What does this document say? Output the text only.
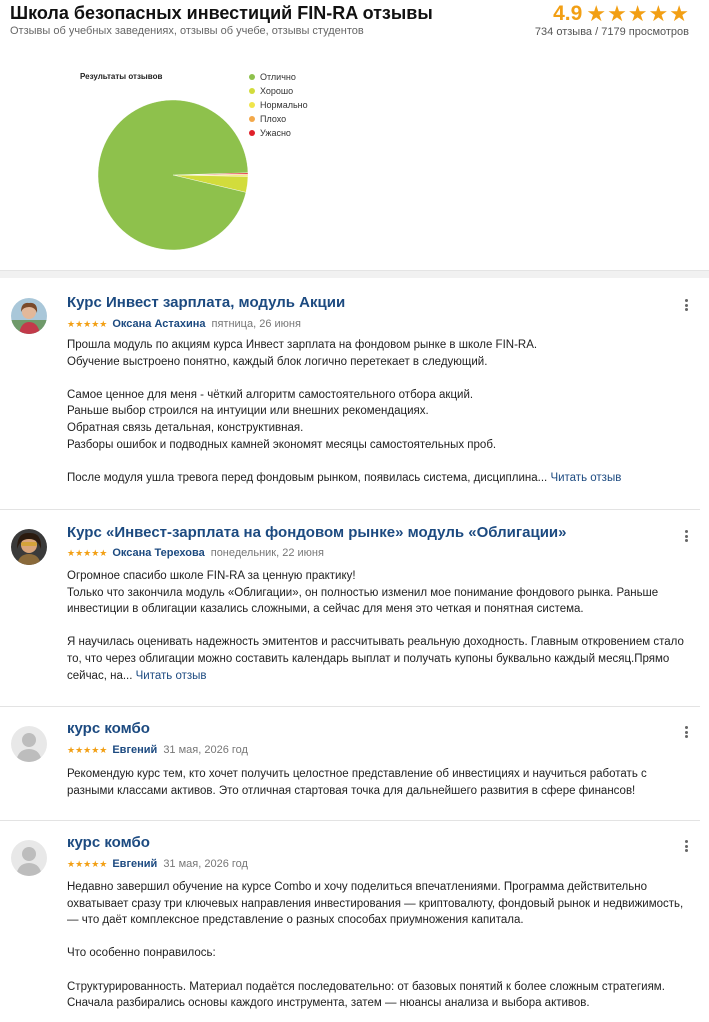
Школа безопасных инвестиций FIN-RA отзывы
Отзывы об учебных заведениях, отзывы об учебе, отзывы студентов
4.9 ★ ★ ★ ★ ★
734 отзыва / 7179 просмотров
Результаты отзывов	Отлично
Хорошо
Нормально
Плохо
Ужасно
Курс Инвест зарплата, модуль Акции
★★★★★ Оксана Астахина пятница, 26 июня

Прошла модуль по акциям курса Инвест зарплата на фондовом рынке в школе FIN-RA.

Обучение выстроено понятно, каждый блок логично перетекает в следующий.

Самое ценное для меня - чёткий алгоритм самостоятельного отбора акций.

Раньше выбор строился на интуиции или внешних рекомендациях.

Обратная связь детальная, конструктивная.

Разборы ошибок и подводных камней экономят месяцы самостоятельных проб.

После модуля ушла тревога перед фондовым рынком, появилась система, дисциплина... Читать отзыв

Курс «Инвест-зарплата на фондовом рынке» модуль «Облигации»
★★★★★ Оксана Терехова понедельник, 22 июня

Огромное спасибо школе FIN-RA за ценную практику!

Только что закончила модуль «Облигации», он полностью изменил мое понимание фондового рынка. Раньше инвестиции в облигации казались сложными, а сейчас для меня это четкая и понятная система.

Я научилась оценивать надежность эмитентов и рассчитывать реальную доходность. Главным откровением стало то, что через облигации можно составить календарь выплат и получать купоны буквально каждый месяц.Прямо сейчас, на... Читать отзыв

курс комбо
★★★★★ Евгений 31 мая, 2026 год

Рекомендую курс тем, кто хочет получить целостное представление об инвестициях и научиться работать с разными классами активов. Это отличная стартовая точка для дальнейшего развития в сфере финансов!

курс комбо
★★★★★ Евгений 31 мая, 2026 год

Недавно завершил обучение на курсе Combo и хочу поделиться впечатлениями. Программа действительно охватывает сразу три ключевых направления инвестирования — криптовалюту, фондовый рынок и недвижимость, — что даёт комплексное представление о разных способах приумножения капитала.

Что особенно понравилось:

Структурированность. Материал подаётся последовательно: от базовых понятий к более сложным стратегиям. Сначала разбирались основы каждого инструмента, затем — нюансы анализа и выбора активов.
